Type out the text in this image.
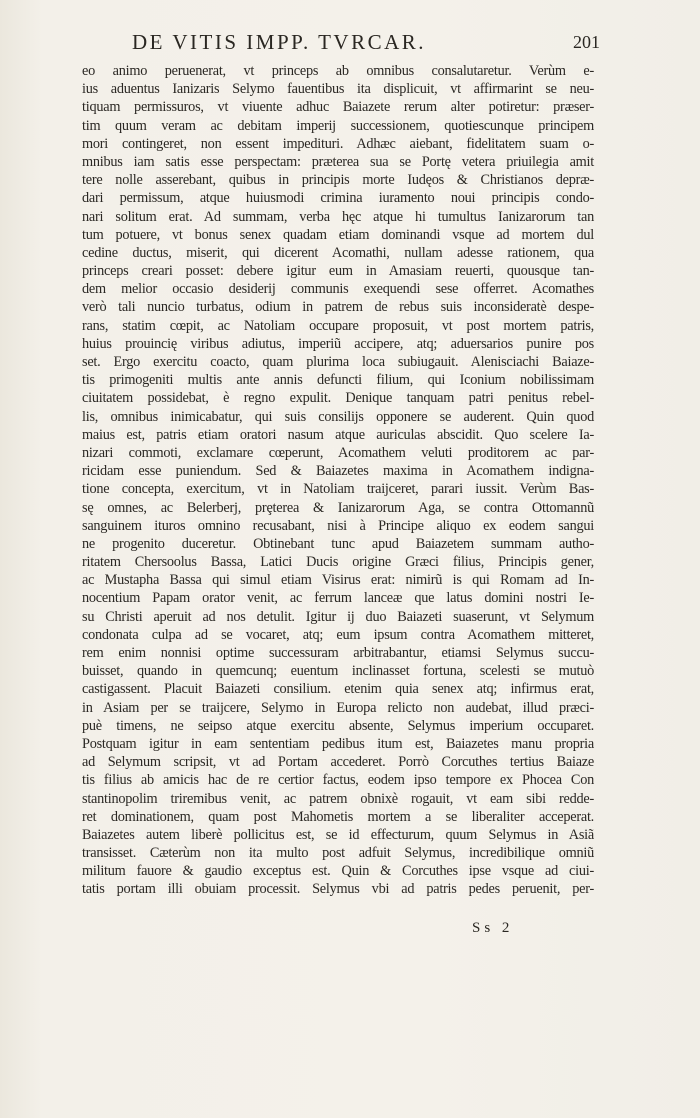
DE VITIS IMPP. TVRCAR.	201
eo animo peruenerat, vt princeps ab omnibus consalutaretur. Verùm e-
ius aduentus Ianizaris Selymo fauentibus ita displicuit, vt affirmarint se neu-
tiquam permissuros, vt viuente adhuc Baiazete rerum alter potiretur: præser-
tim quum veram ac debitam imperij successionem, quotiescunque principem
mori contingeret, non essent impedituri. Adhæc aiebant, fidelitatem suam o-
mnibus iam satis esse perspectam: præterea sua se Portę vetera priuilegia amit
tere nolle asserebant, quibus in principis morte Iudęos & Christianos depræ-
dari permissum, atque huiusmodi crimina iuramento noui principis condo-
nari solitum erat. Ad summam, verba hęc atque hi tumultus Ianizarorum tan
tum potuere, vt bonus senex quadam etiam dominandi vsque ad mortem dul
cedine ductus, miserit, qui dicerent Acomathi, nullam adesse rationem, qua
princeps creari posset: debere igitur eum in Amasiam reuerti, quousque tan-
dem melior occasio desiderij communis exequendi sese offerret. Acomathes
verò tali nuncio turbatus, odium in patrem de rebus suis inconsideratè despe-
rans, statim cœpit, ac Natoliam occupare proposuit, vt post mortem patris,
huius prouincię viribus adiutus, imperiũ accipere, atq; aduersarios punire pos
set. Ergo exercitu coacto, quam plurima loca subiugauit. Alenisciachi Baiaze-
tis primogeniti multis ante annis defuncti filium, qui Iconium nobilissimam
ciuitatem possidebat, è regno expulit. Denique tanquam patri penitus rebel-
lis, omnibus inimicabatur, qui suis consilijs opponere se auderent. Quin quod
maius est, patris etiam oratori nasum atque auriculas abscidit. Quo scelere Ia-
nizari commoti, exclamare cœperunt, Acomathem veluti proditorem ac par-
ricidam esse puniendum. Sed & Baiazetes maxima in Acomathem indigna-
tione concepta, exercitum, vt in Natoliam traijceret, parari iussit. Verùm Bas-
sę omnes, ac Belerberj, prȩterea & Ianizarorum Aga, se contra Ottomannũ
sanguinem ituros omnino recusabant, nisi à Principe aliquo ex eodem sangui
ne progenito duceretur. Obtinebant tunc apud Baiazetem summam autho-
ritatem Chersoolus Bassa, Latici Ducis origine Græci filius, Principis gener,
ac Mustapha Bassa qui simul etiam Visirus erat: nimirũ is qui Romam ad In-
nocentium Papam orator venit, ac ferrum lanceæ que latus domini nostri Ie-
su Christi aperuit ad nos detulit. Igitur ij duo Baiazeti suaserunt, vt Selymum
condonata culpa ad se vocaret, atq; eum ipsum contra Acomathem mitteret,
rem enim nonnisi optime successuram arbitrabantur, etiamsi Selymus succu-
buisset, quando in quemcunq; euentum inclinasset fortuna, scelesti se mutuò
castigassent. Placuit Baiazeti consilium. etenim quia senex atq; infirmus erat,
in Asiam per se traijcere, Selymo in Europa relicto non audebat, illud præci-
puè timens, ne seipso atque exercitu absente, Selymus imperium occuparet.
Postquam igitur in eam sententiam pedibus itum est, Baiazetes manu propria
ad Selymum scripsit, vt ad Portam accederet. Porrò Corcuthes tertius Baiaze
tis filius ab amicis hac de re certior factus, eodem ipso tempore ex Phocea Con
stantinopolim triremibus venit, ac patrem obnixè rogauit, vt eam sibi redde-
ret dominationem, quam post Mahometis mortem a se liberaliter acceperat.
Baiazetes autem liberè pollicitus est, se id effecturum, quum Selymus in Asiã
transisset. Cæterùm non ita multo post adfuit Selymus, incredibilique omniũ
militum fauore & gaudio exceptus est. Quin & Corcuthes ipse vsque ad ciui-
tatis portam illi obuiam processit. Selymus vbi ad patris pedes peruenit, per-
Ss 2
